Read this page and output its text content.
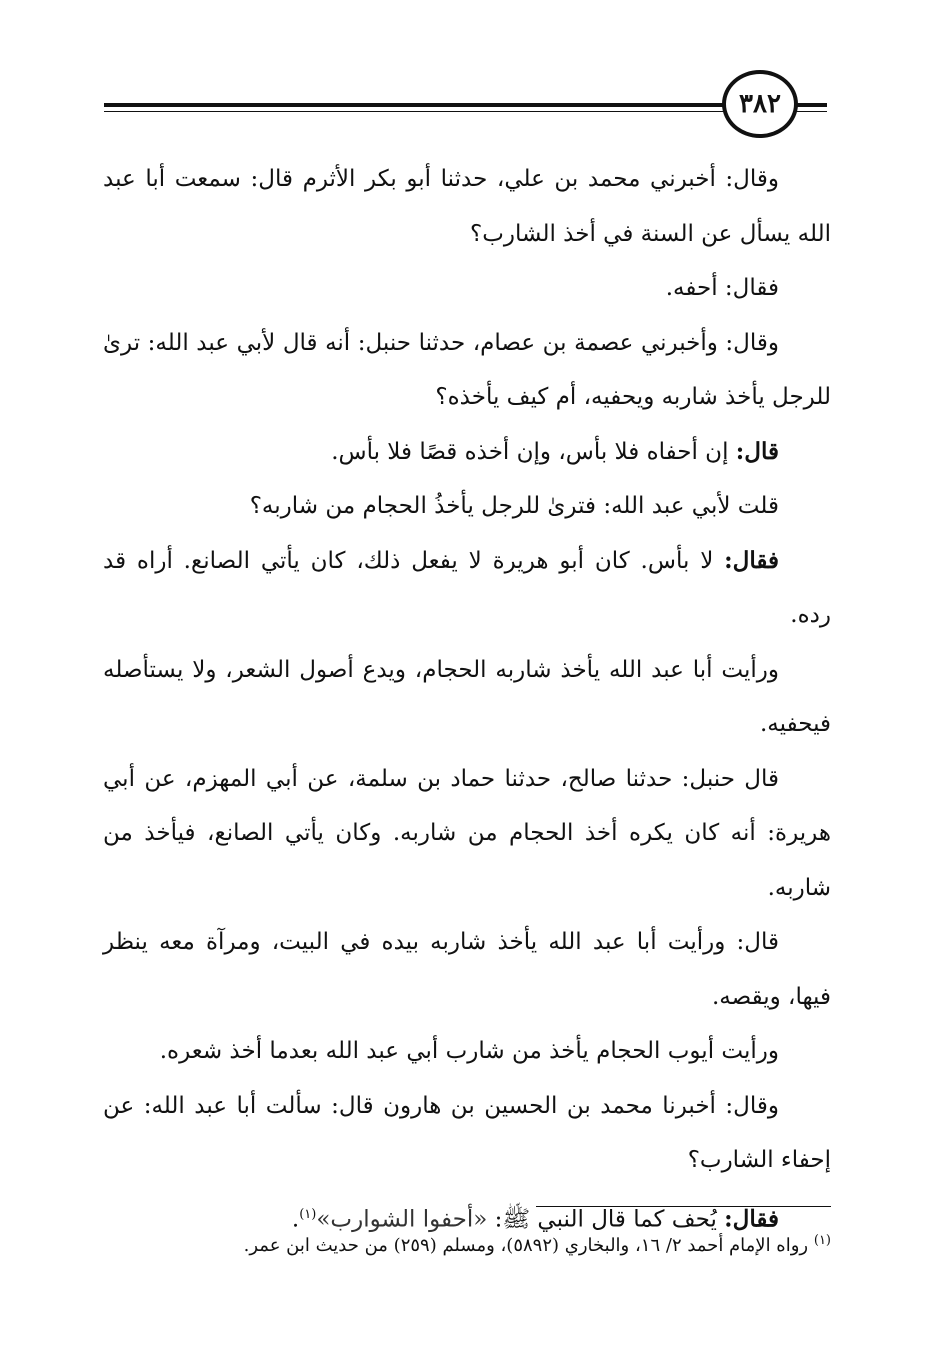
٣٨٢

وقال: أخبرني محمد بن علي، حدثنا أبو بكر الأثرم قال: سمعت أبا عبد الله يسأل عن السنة في أخذ الشارب؟

فقال: أحفه.

وقال: وأخبرني عصمة بن عصام، حدثنا حنبل: أنه قال لأبي عبد الله: ترىٰ للرجل يأخذ شاربه ويحفيه، أم كيف يأخذه؟

قال: إن أحفاه فلا بأس، وإن أخذه قصًا فلا بأس.

قلت لأبي عبد الله: فترىٰ للرجل يأخذُ الحجام من شاربه؟

فقال: لا بأس. كان أبو هريرة لا يفعل ذلك، كان يأتي الصانع. أراه قد رده.

ورأيت أبا عبد الله يأخذ شاربه الحجام، ويدع أصول الشعر، ولا يستأصله فيحفيه.

قال حنبل: حدثنا صالح، حدثنا حماد بن سلمة، عن أبي المهزم، عن أبي هريرة: أنه كان يكره أخذ الحجام من شاربه. وكان يأتي الصانع، فيأخذ من شاربه.

قال: ورأيت أبا عبد الله يأخذ شاربه بيده في البيت، ومرآة معه ينظر فيها، ويقصه.

ورأيت أيوب الحجام يأخذ من شارب أبي عبد الله بعدما أخذ شعره.

وقال: أخبرنا محمد بن الحسين بن هارون قال: سألت أبا عبد الله: عن إحفاء الشارب؟

فقال: يُحف كما قال النبي ﷺ: «أحفوا الشوارب»$^{(١)}$.

$^{(١)}$ رواه الإمام أحمد ٢/ ١٦، والبخاري (٥٨٩٢)، ومسلم (٢٥٩) من حديث ابن عمر.
